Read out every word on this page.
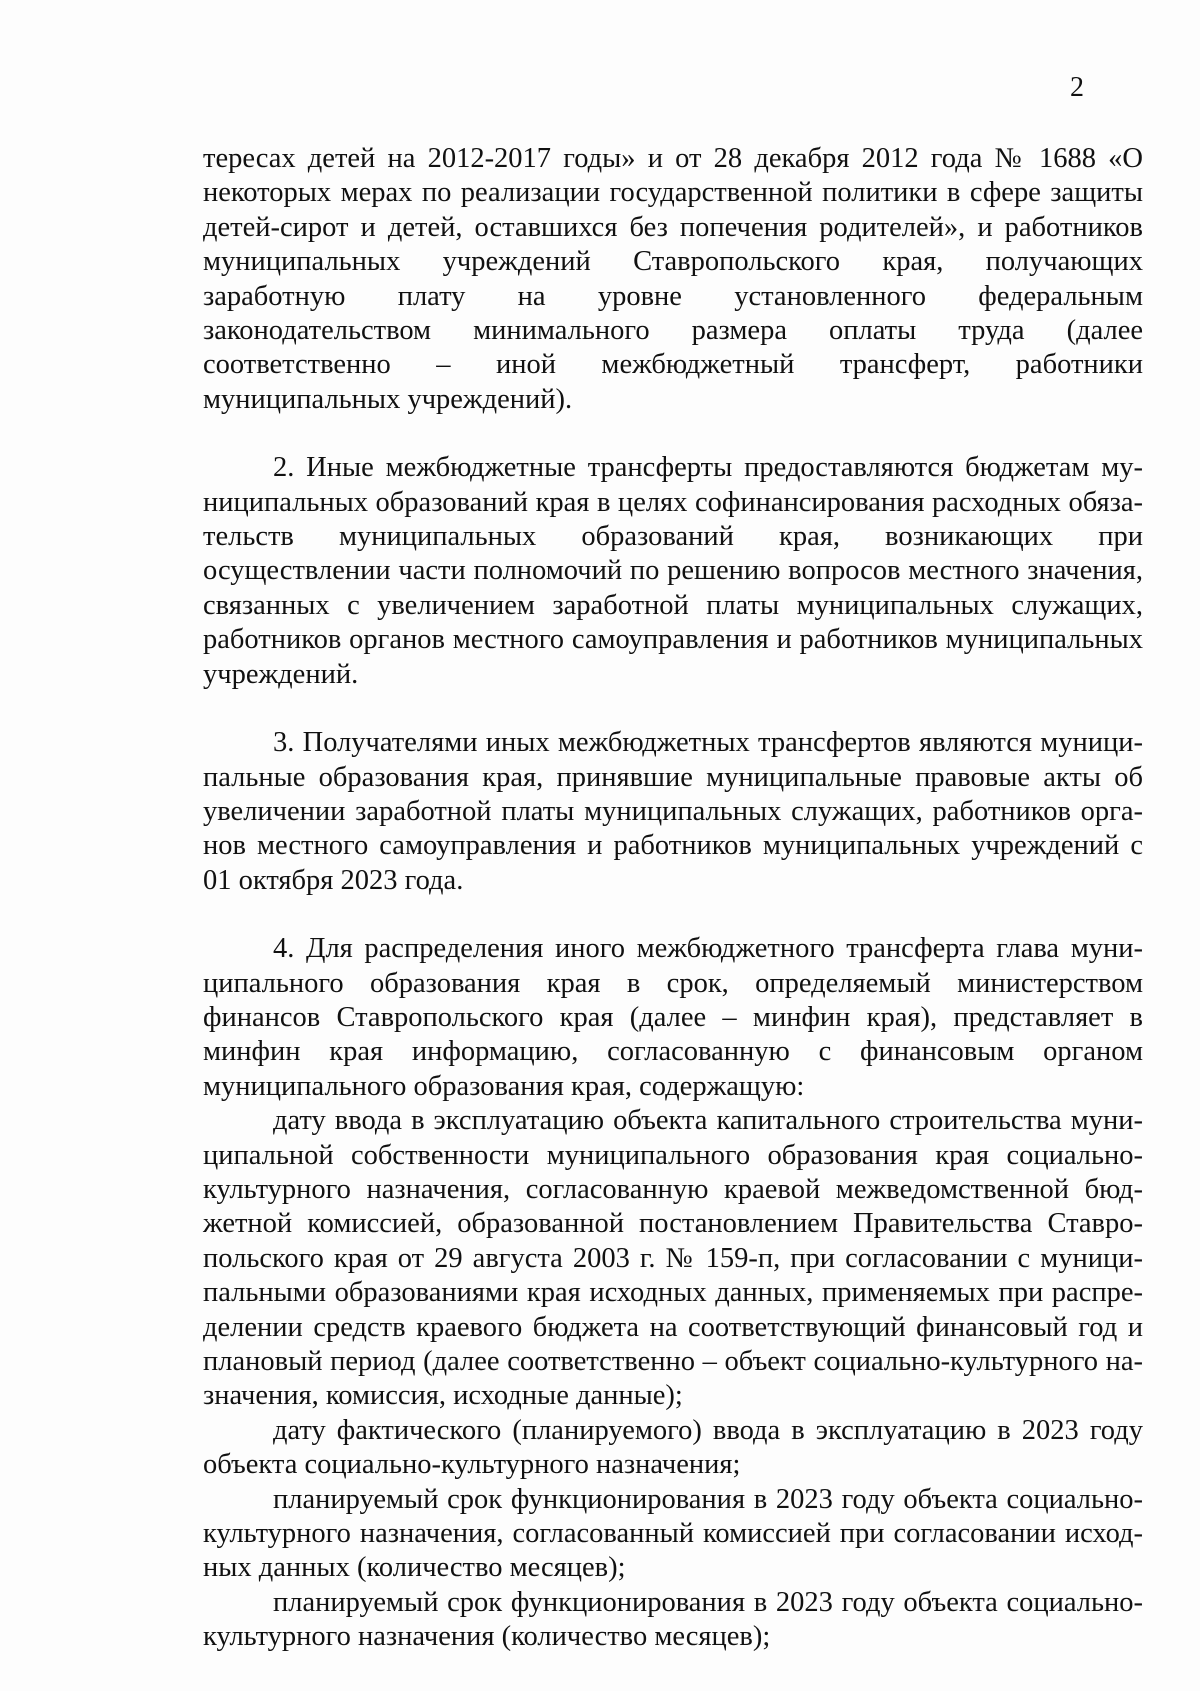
2

тересах детей на 2012-2017 годы» и от 28 декабря 2012 года № 1688 «О некоторых мерах по реализации государственной политики в сфере защиты детей-сирот и детей, оставшихся без попечения родителей», и работников муниципальных учреждений Ставропольского края, получающих заработную плату на уровне установленного федеральным законодательством минимального размера оплаты труда (далее соответственно – иной межбюджетный трансферт, работники муниципальных учреждений).

2. Иные межбюджетные трансферты предоставляются бюджетам муниципальных образований края в целях софинансирования расходных обязательств муниципальных образований края, возникающих при осуществлении части полномочий по решению вопросов местного значения, связанных с увеличением заработной платы муниципальных служащих, работников органов местного самоуправления и работников муниципальных учреждений.

3. Получателями иных межбюджетных трансфертов являются муниципальные образования края, принявшие муниципальные правовые акты об увеличении заработной платы муниципальных служащих, работников органов местного самоуправления и работников муниципальных учреждений с 01 октября 2023 года.

4. Для распределения иного межбюджетного трансферта глава муниципального образования края в срок, определяемый министерством финансов Ставропольского края (далее – минфин края), представляет в минфин края информацию, согласованную с финансовым органом муниципального образования края, содержащую:

дату ввода в эксплуатацию объекта капитального строительства муниципальной собственности муниципального образования края социально-культурного назначения, согласованную краевой межведомственной бюджетной комиссией, образованной постановлением Правительства Ставропольского края от 29 августа 2003 г. № 159-п, при согласовании с муниципальными образованиями края исходных данных, применяемых при распределении средств краевого бюджета на соответствующий финансовый год и плановый период (далее соответственно – объект социально-культурного назначения, комиссия, исходные данные);

дату фактического (планируемого) ввода в эксплуатацию в 2023 году объекта социально-культурного назначения;

планируемый срок функционирования в 2023 году объекта социально-культурного назначения, согласованный комиссией при согласовании исходных данных (количество месяцев);

планируемый срок функционирования в 2023 году объекта социально-культурного назначения (количество месяцев);
